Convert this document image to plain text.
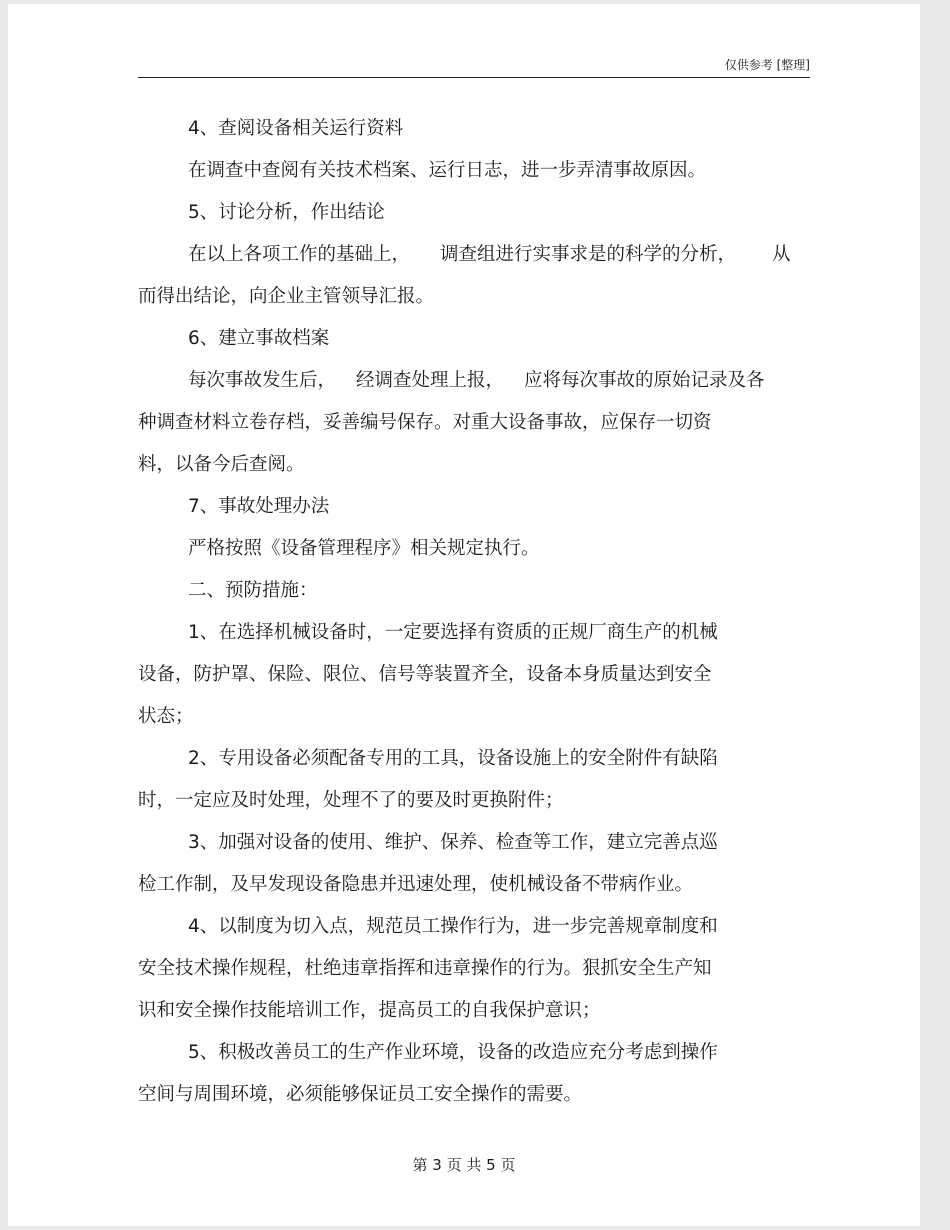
仅供参考 [整理]
4、查阅设备相关运行资料
在调查中查阅有关技术档案、运行日志，进一步弄清事故原因。
5、讨论分析，作出结论
在以上各项工作的基础上， 调查组进行实事求是的科学的分析， 从
而得出结论，向企业主管领导汇报。
6、建立事故档案
每次事故发生后， 经调查处理上报， 应将每次事故的原始记录及各
种调查材料立卷存档，妥善编号保存。对重大设备事故，应保存一切资
料，以备今后查阅。
7、事故处理办法
严格按照《设备管理程序》相关规定执行。
二、预防措施：
1、在选择机械设备时，一定要选择有资质的正规厂商生产的机械
设备，防护罩、保险、限位、信号等装置齐全，设备本身质量达到安全
状态；
2、专用设备必须配备专用的工具，设备设施上的安全附件有缺陷
时，一定应及时处理，处理不了的要及时更换附件；
3、加强对设备的使用、维护、保养、检查等工作，建立完善点巡
检工作制，及早发现设备隐患并迅速处理，使机械设备不带病作业。
4、以制度为切入点，规范员工操作行为，进一步完善规章制度和
安全技术操作规程，杜绝违章指挥和违章操作的行为。狠抓安全生产知
识和安全操作技能培训工作，提高员工的自我保护意识；
5、积极改善员工的生产作业环境，设备的改造应充分考虑到操作
空间与周围环境，必须能够保证员工安全操作的需要。
第 3 页 共 5 页
